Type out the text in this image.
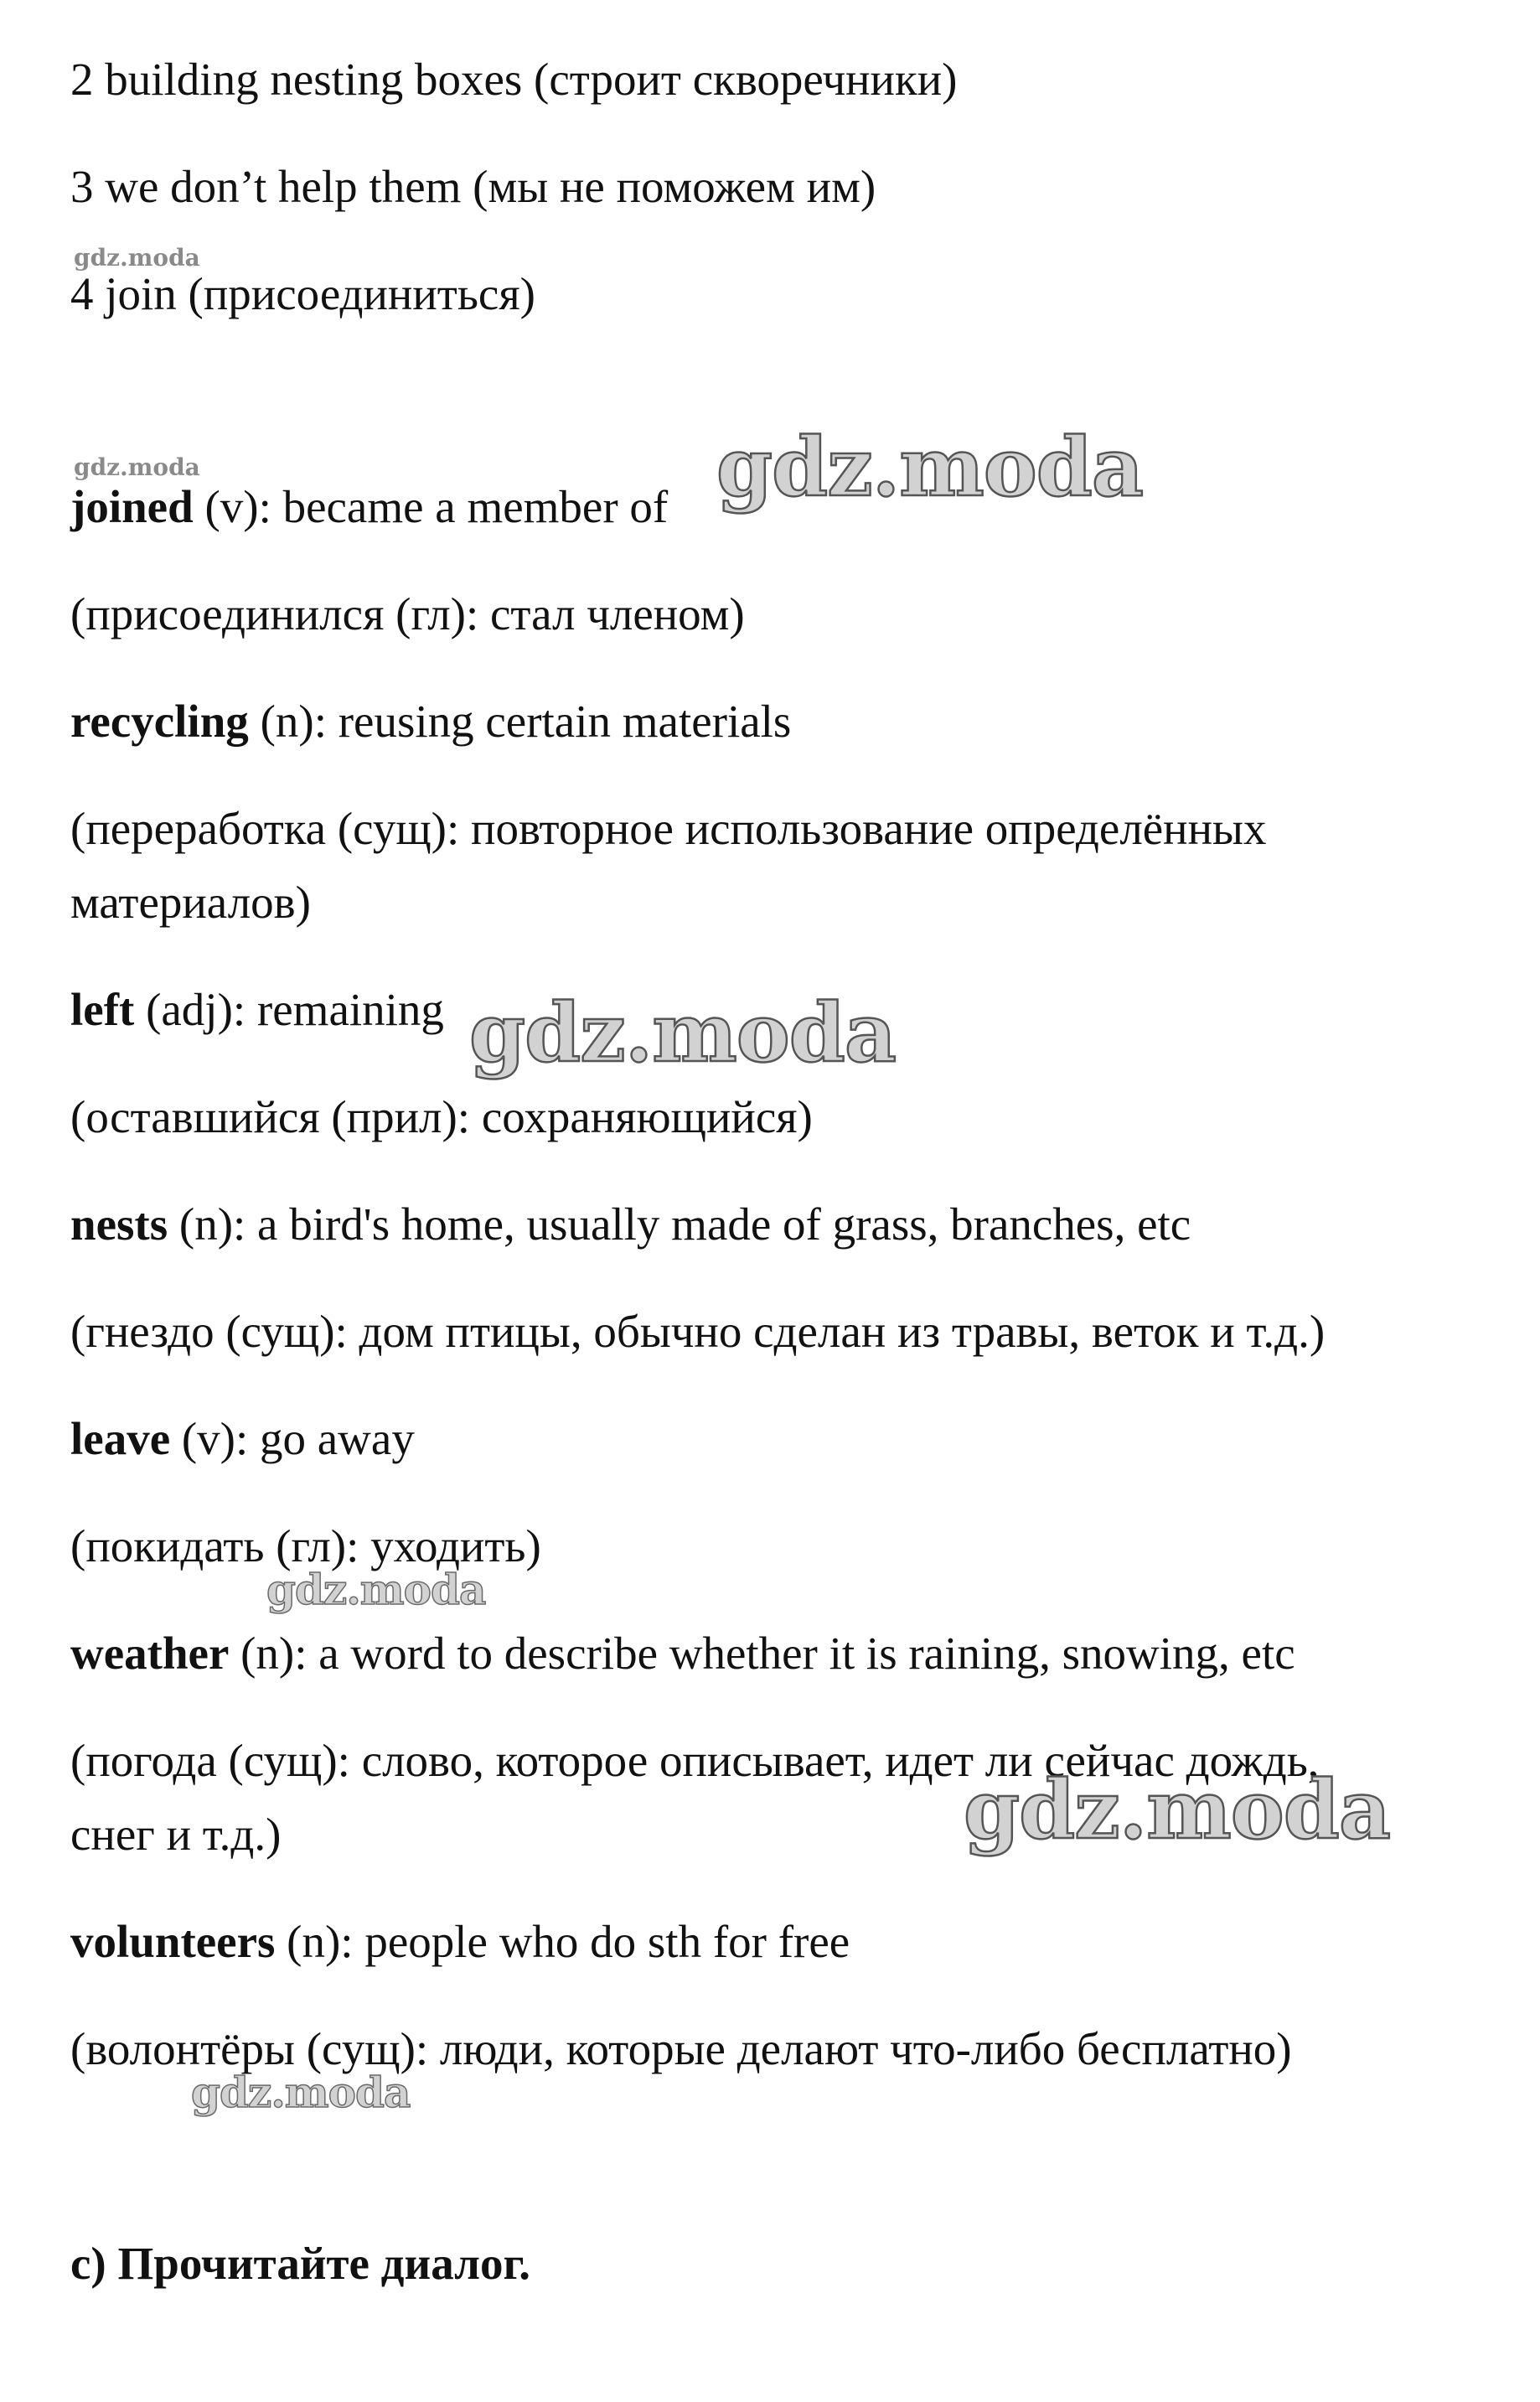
2 building nesting boxes (строит скворечники)
3 we don’t help them (мы не поможем им)
4 join (присоединиться)
joined (v): became a member of
(присоединился (гл): стал членом)
recycling (n): reusing certain materials
(переработка (сущ): повторное использование определённых
материалов)
left (adj): remaining
(оставшийся (прил): сохраняющийся)
nests (n): a bird's home, usually made of grass, branches, etc
(гнездо (сущ): дом птицы, обычно сделан из травы, веток и т.д.)
leave (v): go away
(покидать (гл): уходить)
weather (n): a word to describe whether it is raining, snowing, etc
(погода (сущ): слово, которое описывает, идет ли сейчас дождь,
снег и т.д.)
volunteers (n): people who do sth for free
(волонтёры (сущ): люди, которые делают что-либо бесплатно)
c) Прочитайте диалог.
gdz.moda
gdz.moda	gdz.moda
gdz.moda
gdz.moda
gdz.moda
gdz.moda
